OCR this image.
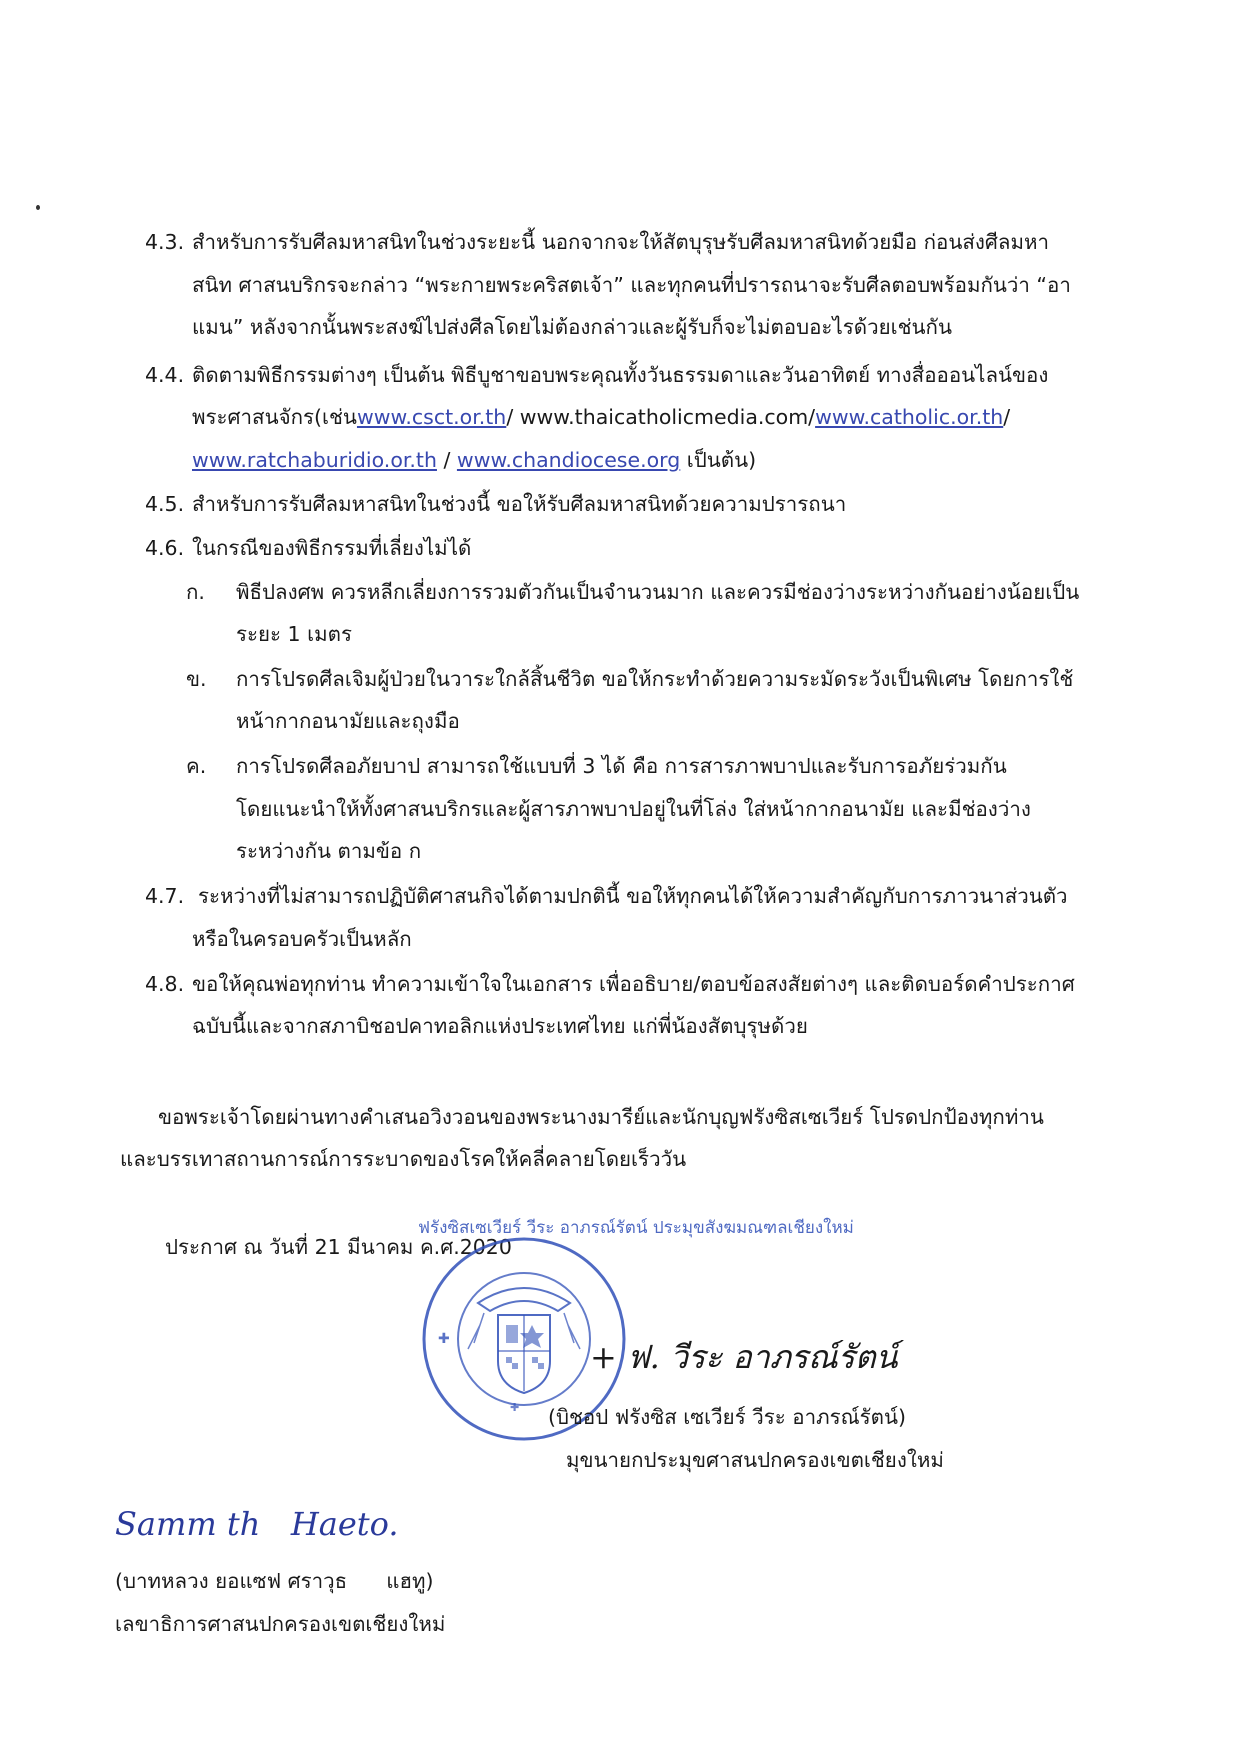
4.3. สำหรับการรับศีลมหาสนิทในช่วงระยะนี้ นอกจากจะให้สัตบุรุษรับศีลมหาสนิทด้วยมือ ก่อนส่งศีลมหา
สนิท ศาสนบริกรจะกล่าว “พระกายพระคริสตเจ้า” และทุกคนที่ปรารถนาจะรับศีลตอบพร้อมกันว่า “อา
แมน” หลังจากนั้นพระสงฆ์ไปส่งศีลโดยไม่ต้องกล่าวและผู้รับก็จะไม่ตอบอะไรด้วยเช่นกัน
4.4. ติดตามพิธีกรรมต่างๆ เป็นต้น พิธีบูชาขอบพระคุณทั้งวันธรรมดาและวันอาทิตย์ ทางสื่อออนไลน์ของ
พระศาสนจักร(เช่นwww.csct.or.th/ www.thaicatholicmedia.com/www.catholic.or.th/
www.ratchaburidio.or.th / www.chandiocese.org เป็นต้น)
4.5. สำหรับการรับศีลมหาสนิทในช่วงนี้ ขอให้รับศีลมหาสนิทด้วยความปรารถนา
4.6. ในกรณีของพิธีกรรมที่เลี่ยงไม่ได้
ก. พิธีปลงศพ ควรหลีกเลี่ยงการรวมตัวกันเป็นจำนวนมาก และควรมีช่องว่างระหว่างกันอย่างน้อยเป็น
ระยะ 1 เมตร
ข. การโปรดศีลเจิมผู้ป่วยในวาระใกล้สิ้นชีวิต ขอให้กระทำด้วยความระมัดระวังเป็นพิเศษ โดยการใช้
หน้ากากอนามัยและถุงมือ
ค. การโปรดศีลอภัยบาป สามารถใช้แบบที่ 3 ได้ คือ การสารภาพบาปและรับการอภัยร่วมกัน
โดยแนะนำให้ทั้งศาสนบริกรและผู้สารภาพบาปอยู่ในที่โล่ง ใส่หน้ากากอนามัย และมีช่องว่าง
ระหว่างกัน ตามข้อ ก
4.7. ระหว่างที่ไม่สามารถปฏิบัติศาสนกิจได้ตามปกตินี้ ขอให้ทุกคนได้ให้ความสำคัญกับการภาวนาส่วนตัว
หรือในครอบครัวเป็นหลัก
4.8. ขอให้คุณพ่อทุกท่าน ทำความเข้าใจในเอกสาร เพื่ออธิบาย/ตอบข้อสงสัยต่างๆ และติดบอร์ดคำประกาศ
ฉบับนี้และจากสภาบิชอปคาทอลิกแห่งประเทศไทย แก่พี่น้องสัตบุรุษด้วย
ขอพระเจ้าโดยผ่านทางคำเสนอวิงวอนของพระนางมารีย์และนักบุญฟรังซิสเซเวียร์ โปรดปกป้องทุกท่าน
และบรรเทาสถานการณ์การระบาดของโรคให้คลี่คลายโดยเร็ววัน
ประกาศ ณ วันที่ 21 มีนาคม ค.ศ.2020
ฟรังซิสเซเวียร์ วีระ อาภรณ์รัตน์ ประมุขสังฆมณฑลเชียงใหม่
✚
✚	+ ฟ. วีระ อาภรณ์รัตน์
(บิชอป ฟรังซิส เซเวียร์ วีระ อาภรณ์รัตน์)
มุขนายกประมุขศาสนปกครองเขตเชียงใหม่
Samm th   Haeto.
(บาทหลวง ยอแซฟ ศราวุธ      แฮทู)
เลขาธิการศาสนปกครองเขตเชียงใหม่
